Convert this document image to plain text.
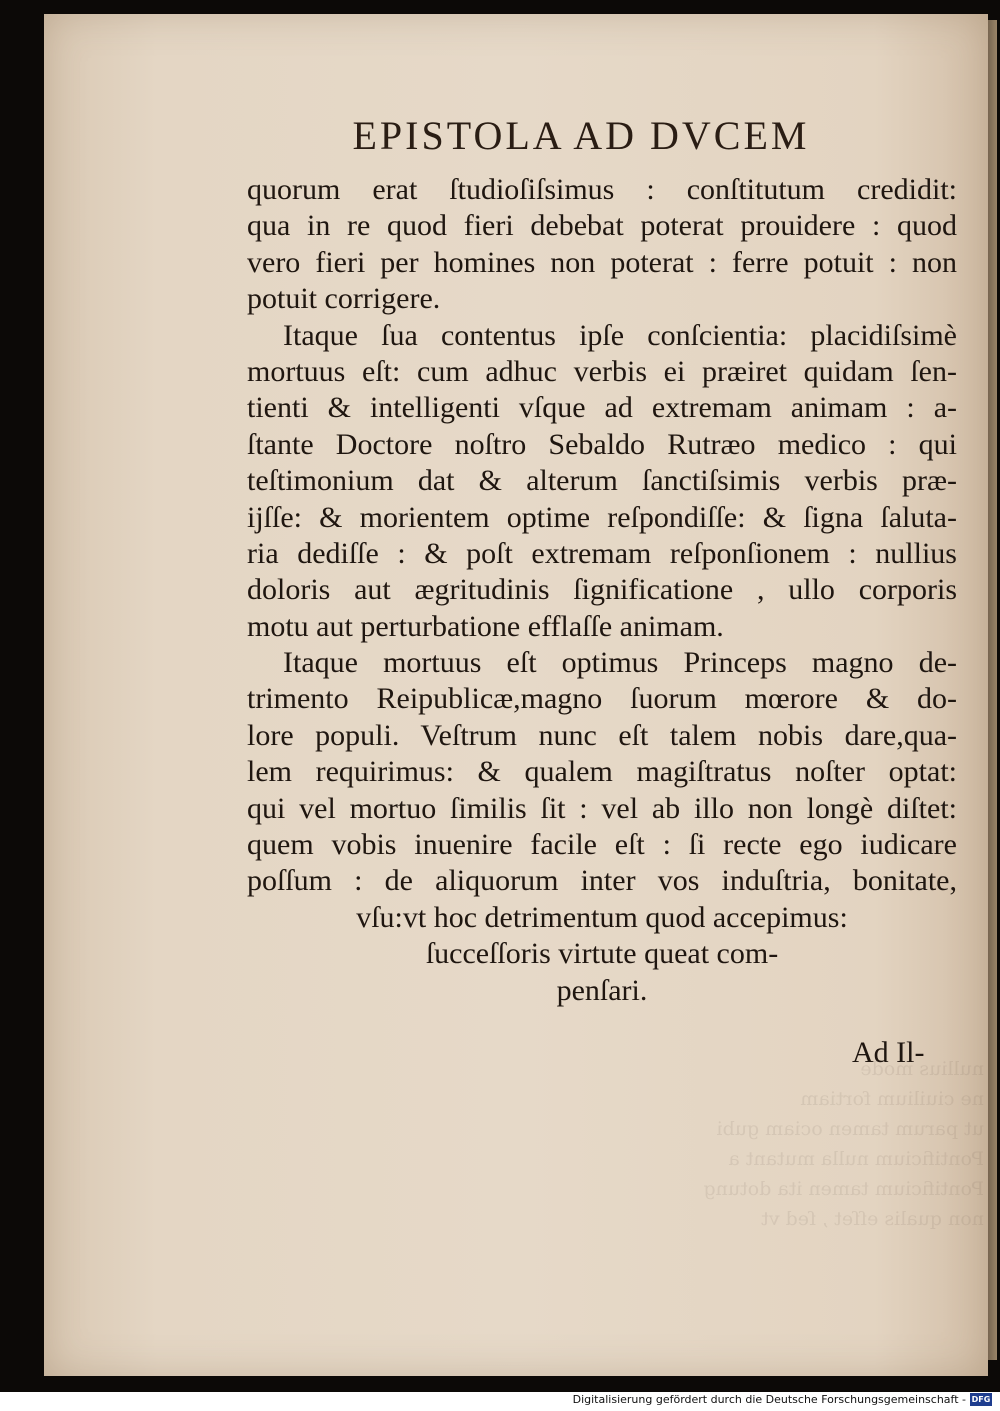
nullius mode
ne ciuilium fortiam
ut parum tamen ociam gubi
Pontificium nulla mutant a
Pontificium tamen ita dotung
non qualis eſſet , ſed vt
EPISTOLA AD DVCEM
quorum erat ſtudioſiſsimus : conſtitutum credidit:
qua in re quod fieri debebat poterat prouidere : quod
vero fieri per homines non poterat : ferre potuit : non
potuit corrigere.
Itaque ſua contentus ipſe conſcientia: placidiſsimè
mortuus eſt: cum adhuc verbis ei præiret quidam ſen-
tienti & intelligenti vſque ad extremam animam : a-
ſtante Doctore noſtro Sebaldo Rutræo medico : qui
teſtimonium dat & alterum ſanctiſsimis verbis præ-
ijſſe: & morientem optime reſpondiſſe: & ſigna ſaluta-
ria dediſſe : & poſt extremam reſponſionem : nullius
doloris aut ægritudinis ſignificatione , ullo corporis
motu aut perturbatione efflaſſe animam.
Itaque mortuus eſt optimus Princeps magno de-
trimento Reipublicæ,magno ſuorum mœrore & do-
lore populi. Veſtrum nunc eſt talem nobis dare,qua-
lem requirimus: & qualem magiſtratus noſter optat:
qui vel mortuo ſimilis ſit : vel ab illo non longè diſtet:
quem vobis inuenire facile eſt : ſi recte ego iudicare
poſſum : de aliquorum inter vos induſtria, bonitate,
vſu:vt hoc detrimentum quod accepimus:
ſucceſſoris virtute queat com-
penſari.
Ad Il-
Digitalisierung gefördert durch die Deutsche Forschungsgemeinschaft - DFG
